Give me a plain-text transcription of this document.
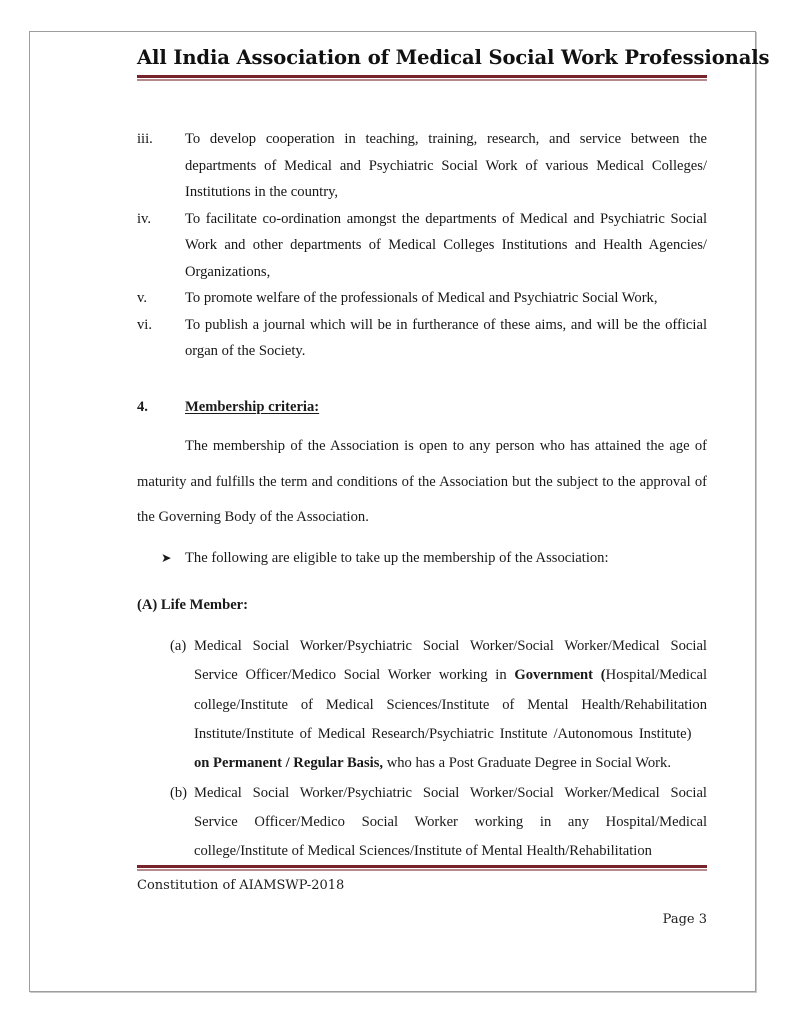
All India Association of Medical Social Work Professionals
iii.	To develop cooperation in teaching, training, research, and service between the departments of Medical and Psychiatric Social Work of various Medical Colleges/ Institutions in the country,
iv.	To facilitate co-ordination amongst the departments of Medical and Psychiatric Social Work and other departments of Medical Colleges Institutions and Health Agencies/ Organizations,
v.	To promote welfare of the professionals of Medical and Psychiatric Social Work,
vi.	To publish a journal which will be in furtherance of these aims, and will be the official organ of the Society.
4.	Membership criteria:
The membership of the Association is open to any person who has attained the age of maturity and fulfills the term and conditions of the Association but the subject to the approval of the Governing Body of the Association.
➤ The following are eligible to take up the membership of the Association:
(A) Life Member:
(a) Medical Social Worker/Psychiatric Social Worker/Social Worker/Medical Social Service Officer/Medico Social Worker working in Government (Hospital/Medical college/Institute of Medical Sciences/Institute of Mental Health/Rehabilitation Institute/Institute of Medical Research/Psychiatric Institute /Autonomous Institute)    on Permanent / Regular Basis, who has a Post Graduate Degree in Social Work.
(b) Medical Social Worker/Psychiatric Social Worker/Social Worker/Medical Social Service Officer/Medico Social Worker working in any Hospital/Medical college/Institute of Medical Sciences/Institute of Mental Health/Rehabilitation
Constitution of AIAMSWP-2018
Page 3
